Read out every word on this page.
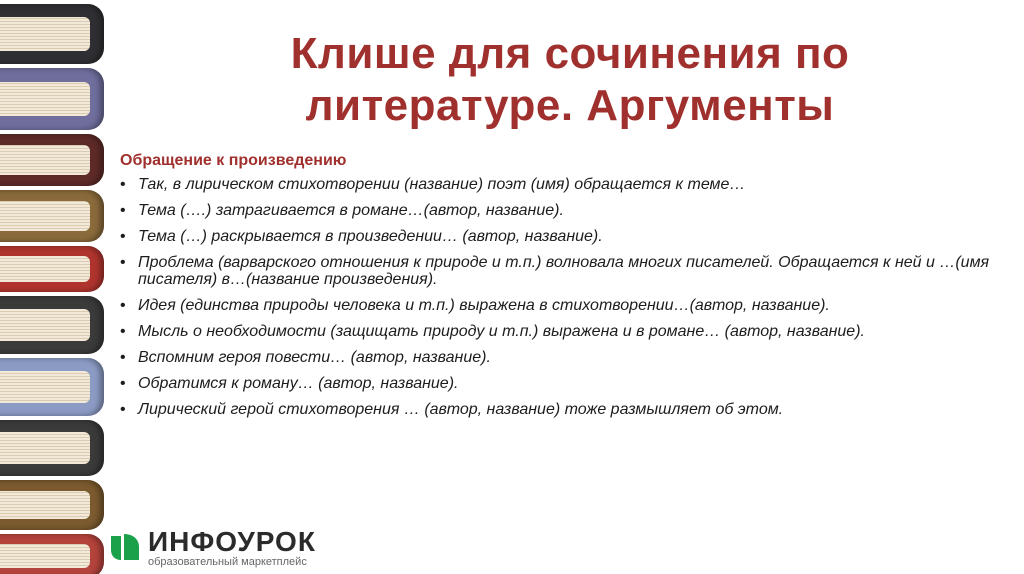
Клише для сочинения по
литературе. Аргументы
Обращение к произведению
• Так, в лирическом стихотворении (название) поэт (имя) обращается к теме…
• Тема (….) затрагивается в романе…(автор, название).
• Тема (…) раскрывается в произведении… (автор, название).
• Проблема (варварского отношения к природе и т.п.) волновала многих писателей. Обращается к ней и …(имя писателя) в…(название произведения).
• Идея (единства природы человека и т.п.) выражена в стихотворении…(автор, название).
• Мысль о необходимости (защищать природу и т.п.) выражена и в романе… (автор, название).
• Вспомним героя повести… (автор, название).
• Обратимся к роману… (автор, название).
• Лирический герой стихотворения … (автор, название) тоже размышляет об этом.
ИНФОУРОК
образовательный маркетплейс
